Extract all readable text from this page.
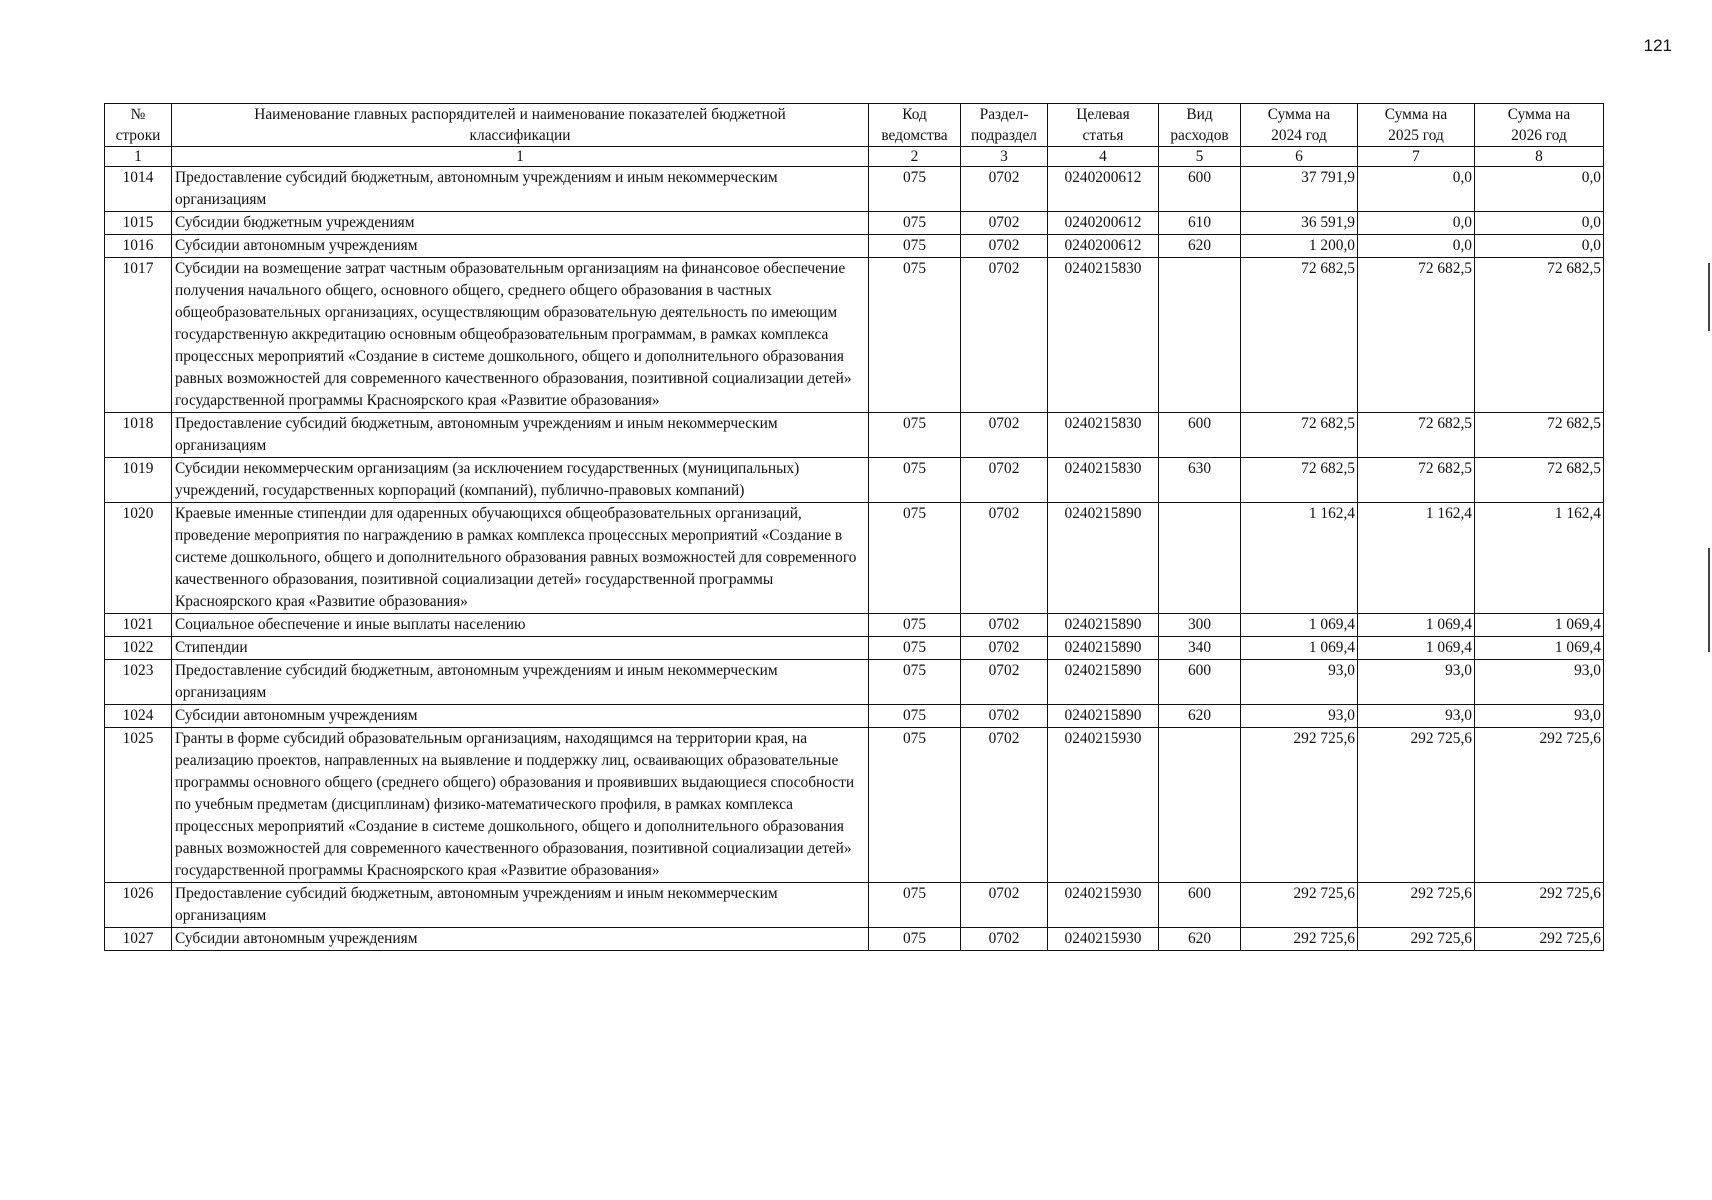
121
№ строки	Наименование главных распорядителей и наименование показателей бюджетной классификации	Код ведомства	Раздел-подраздел	Целевая статья	Вид расходов	Сумма на 2024 год	Сумма на 2025 год	Сумма на 2026 год
1	1	2	3	4	5	6	7	8
1014	Предоставление субсидий бюджетным, автономным учреждениям и иным некоммерческим организациям	075	0702	0240200612	600	37 791,9	0,0	0,0
1015	Субсидии бюджетным учреждениям	075	0702	0240200612	610	36 591,9	0,0	0,0
1016	Субсидии автономным учреждениям	075	0702	0240200612	620	1 200,0	0,0	0,0
1017	Субсидии на возмещение затрат частным образовательным организациям на финансовое обеспечение получения начального общего, основного общего, среднего общего образования в частных общеобразовательных организациях, осуществляющим образовательную деятельность по имеющим государственную аккредитацию основным общеобразовательным программам, в рамках комплекса процессных мероприятий «Создание в системе дошкольного, общего и дополнительного образования равных возможностей для современного качественного образования, позитивной социализации детей» государственной программы Красноярского края «Развитие образования»	075	0702	0240215830		72 682,5	72 682,5	72 682,5
1018	Предоставление субсидий бюджетным, автономным учреждениям и иным некоммерческим организациям	075	0702	0240215830	600	72 682,5	72 682,5	72 682,5
1019	Субсидии некоммерческим организациям (за исключением государственных (муниципальных) учреждений, государственных корпораций (компаний), публично-правовых компаний)	075	0702	0240215830	630	72 682,5	72 682,5	72 682,5
1020	Краевые именные стипендии для одаренных обучающихся общеобразовательных организаций, проведение мероприятия по награждению в рамках комплекса процессных мероприятий «Создание в системе дошкольного, общего и дополнительного образования равных возможностей для современного качественного образования, позитивной социализации детей» государственной программы Красноярского края «Развитие образования»	075	0702	0240215890		1 162,4	1 162,4	1 162,4
1021	Социальное обеспечение и иные выплаты населению	075	0702	0240215890	300	1 069,4	1 069,4	1 069,4
1022	Стипендии	075	0702	0240215890	340	1 069,4	1 069,4	1 069,4
1023	Предоставление субсидий бюджетным, автономным учреждениям и иным некоммерческим организациям	075	0702	0240215890	600	93,0	93,0	93,0
1024	Субсидии автономным учреждениям	075	0702	0240215890	620	93,0	93,0	93,0
1025	Гранты в форме субсидий образовательным организациям, находящимся на территории края, на реализацию проектов, направленных на выявление и поддержку лиц, осваивающих образовательные программы основного общего (среднего общего) образования и проявивших выдающиеся способности по учебным предметам (дисциплинам) физико-математического профиля, в рамках комплекса процессных мероприятий «Создание в системе дошкольного, общего и дополнительного образования равных возможностей для современного качественного образования, позитивной социализации детей» государственной программы Красноярского края «Развитие образования»	075	0702	0240215930		292 725,6	292 725,6	292 725,6
1026	Предоставление субсидий бюджетным, автономным учреждениям и иным некоммерческим организациям	075	0702	0240215930	600	292 725,6	292 725,6	292 725,6
1027	Субсидии автономным учреждениям	075	0702	0240215930	620	292 725,6	292 725,6	292 725,6
